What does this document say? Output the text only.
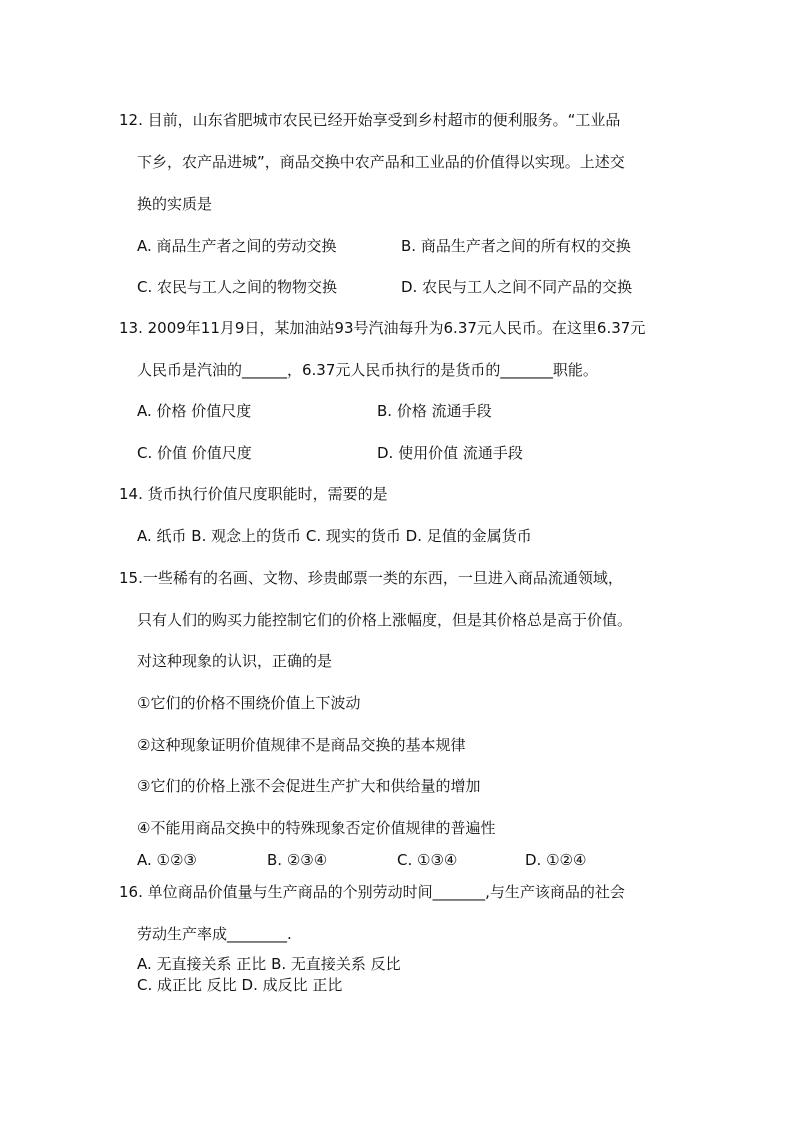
12. 目前，山东省肥城市农民已经开始享受到乡村超市的便利服务。“工业品
下乡，农产品进城”，商品交换中农产品和工业品的价值得以实现。上述交
换的实质是
A. 商品生产者之间的劳动交换	B. 商品生产者之间的所有权的交换
C. 农民与工人之间的物物交换	D. 农民与工人之间不同产品的交换
13. 2009年11月9日，某加油站93号汽油每升为6.37元人民币。在这里6.37元
人民币是汽油的______，6.37元人民币执行的是货币的_______职能。
A. 价格 价值尺度	B. 价格 流通手段
C. 价值 价值尺度	D. 使用价值 流通手段
14. 货币执行价值尺度职能时，需要的是
A. 纸币 B. 观念上的货币 C. 现实的货币 D. 足值的金属货币
15.一些稀有的名画、文物、珍贵邮票一类的东西，一旦进入商品流通领域，
只有人们的购买力能控制它们的价格上涨幅度，但是其价格总是高于价值。
对这种现象的认识，正确的是
①它们的价格不围绕价值上下波动
②这种现象证明价值规律不是商品交换的基本规律
③它们的价格上涨不会促进生产扩大和供给量的增加
④不能用商品交换中的特殊现象否定价值规律的普遍性
A. ①②③	B. ②③④	C. ①③④	D. ①②④
16. 单位商品价值量与生产商品的个别劳动时间_______,与生产该商品的社会
劳动生产率成________.
A. 无直接关系 正比 B. 无直接关系 反比
C. 成正比 反比 D. 成反比 正比
